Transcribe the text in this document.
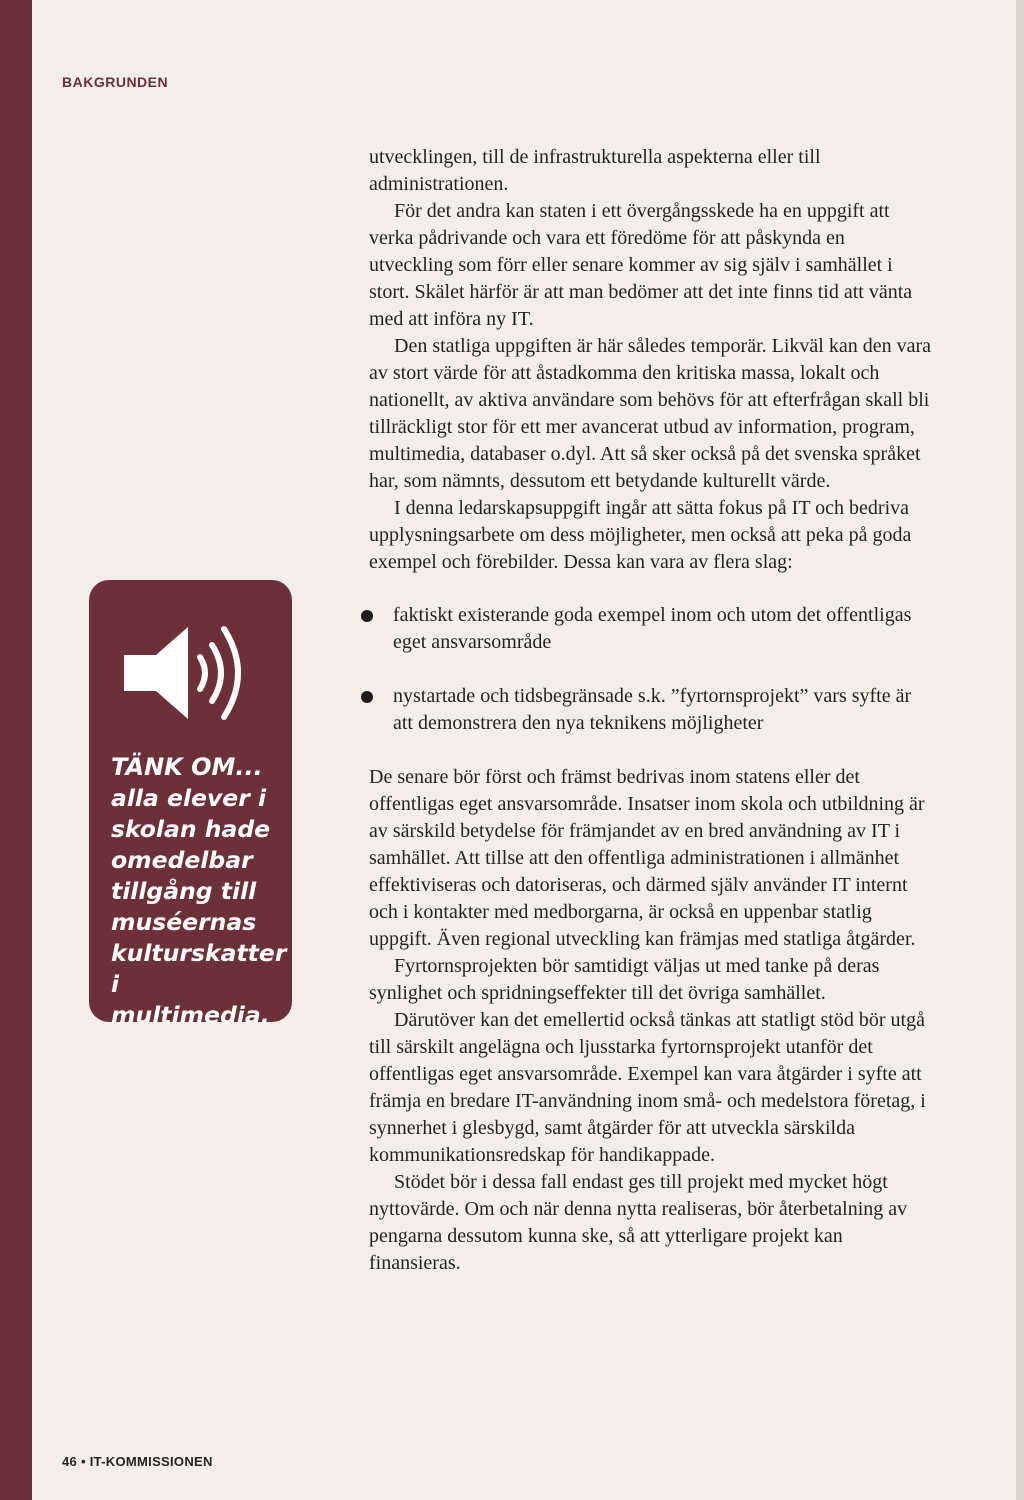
BAKGRUNDEN
TÄNK OM...
alla elever i
skolan hade
omedelbar
tillgång till
muséernas
kulturskatter i
multimedia.

utvecklingen, till de infrastrukturella aspekterna eller till administrationen.

För det andra kan staten i ett övergångsskede ha en uppgift att verka pådrivande och vara ett föredöme för att påskynda en utveckling som förr eller senare kommer av sig själv i samhället i stort. Skälet härför är att man bedömer att det inte finns tid att vänta med att införa ny IT.

Den statliga uppgiften är här således temporär. Likväl kan den vara av stort värde för att åstadkomma den kritiska massa, lokalt och nationellt, av aktiva användare som behövs för att efterfrågan skall bli tillräckligt stor för ett mer avancerat utbud av information, program, multimedia, databaser o.dyl. Att så sker också på det svenska språket har, som nämnts, dessutom ett betydande kulturellt värde.

I denna ledarskapsuppgift ingår att sätta fokus på IT och bedriva upplysningsarbete om dess möjligheter, men också att peka på goda exempel och förebilder. Dessa kan vara av flera slag:

faktiskt existerande goda exempel inom och utom det offentligas eget ansvarsområde
nystartade och tidsbegränsade s.k. ”fyrtornsprojekt” vars syfte är att demonstrera den nya teknikens möjligheter

De senare bör först och främst bedrivas inom statens eller det offentligas eget ansvarsområde. Insatser inom skola och utbildning är av särskild betydelse för främjandet av en bred användning av IT i samhället. Att tillse att den offentliga administrationen i allmänhet effektiviseras och datoriseras, och därmed själv använder IT internt och i kontakter med medborgarna, är också en uppenbar statlig uppgift. Även regional utveckling kan främjas med statliga åtgärder.

Fyrtornsprojekten bör samtidigt väljas ut med tanke på deras synlighet och spridningseffekter till det övriga samhället.

Därutöver kan det emellertid också tänkas att statligt stöd bör utgå till särskilt angelägna och ljusstarka fyrtornsprojekt utanför det offentligas eget ansvarsområde. Exempel kan vara åtgärder i syfte att främja en bredare IT-användning inom små- och medelstora företag, i synnerhet i glesbygd, samt åtgärder för att utveckla särskilda kommunikationsredskap för handikappade.

Stödet bör i dessa fall endast ges till projekt med mycket högt nyttovärde. Om och när denna nytta realiseras, bör återbetalning av pengarna dessutom kunna ske, så att ytterligare projekt kan finansieras.

46 • IT-KOMMISSIONEN
